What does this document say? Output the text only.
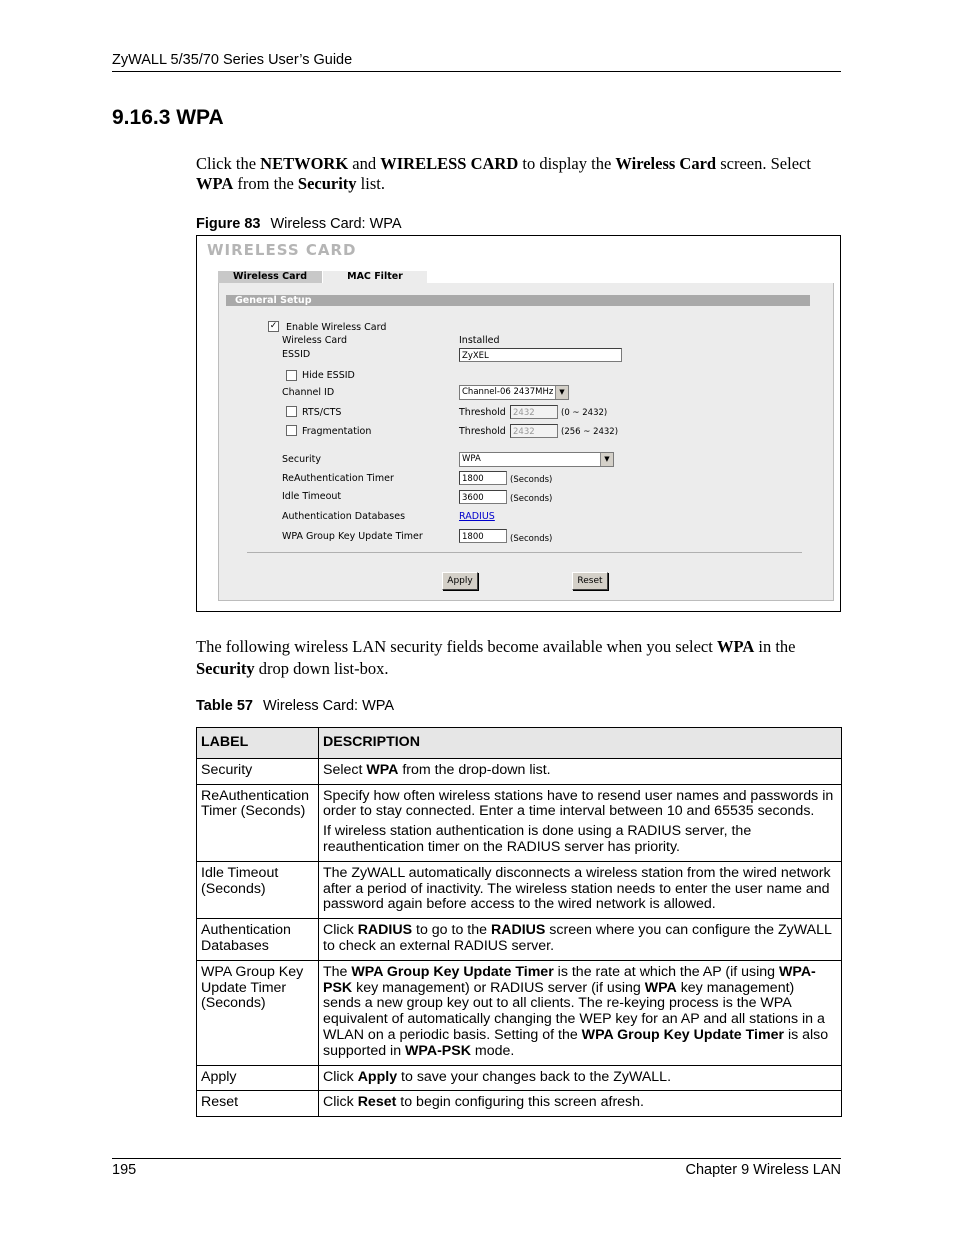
ZyWALL 5/35/70 Series User’s Guide
9.16.3 WPA
Click the NETWORK and WIRELESS CARD to display the Wireless Card screen. Select WPA from the Security list.
Figure 83 Wireless Card: WPA
WIRELESS CARD
Wireless Card	MAC Filter
General Setup
✓ Enable Wireless Card
Wireless Card	Installed
ESSID	ZyXEL
Hide ESSID
Channel ID	Channel-06 2437MHz ▼
RTS/CTS	Threshold 2432	(0 ~ 2432)
Fragmentation	Threshold 2432	(256 ~ 2432)
Security	WPA	▼
ReAuthentication Timer	1800	(Seconds)
Idle Timeout	3600	(Seconds)
Authentication Databases	RADIUS
WPA Group Key Update Timer	1800	(Seconds)
Apply	Reset
The following wireless LAN security fields become available when you select WPA in the Security drop down list-box.
Table 57 Wireless Card: WPA
LABEL	DESCRIPTION
Security	Select WPA from the drop-down list.
ReAuthentication Timer (Seconds)	Specify how often wireless stations have to resend user names and passwords in order to stay connected. Enter a time interval between 10 and 65535 seconds.

If wireless station authentication is done using a RADIUS server, the reauthentication timer on the RADIUS server has priority.

Idle Timeout (Seconds)	The ZyWALL automatically disconnects a wireless station from the wired network after a period of inactivity. The wireless station needs to enter the user name and password again before access to the wired network is allowed.
Authentication Databases	Click RADIUS to go to the RADIUS screen where you can configure the ZyWALL to check an external RADIUS server.
WPA Group Key Update Timer (Seconds)	The WPA Group Key Update Timer is the rate at which the AP (if using WPA-PSK key management) or RADIUS server (if using WPA key management) sends a new group key out to all clients. The re-keying process is the WPA equivalent of automatically changing the WEP key for an AP and all stations in a WLAN on a periodic basis. Setting of the WPA Group Key Update Timer is also supported in WPA-PSK mode.
Apply	Click Apply to save your changes back to the ZyWALL.
Reset	Click Reset to begin configuring this screen afresh.
195	Chapter 9 Wireless LAN
